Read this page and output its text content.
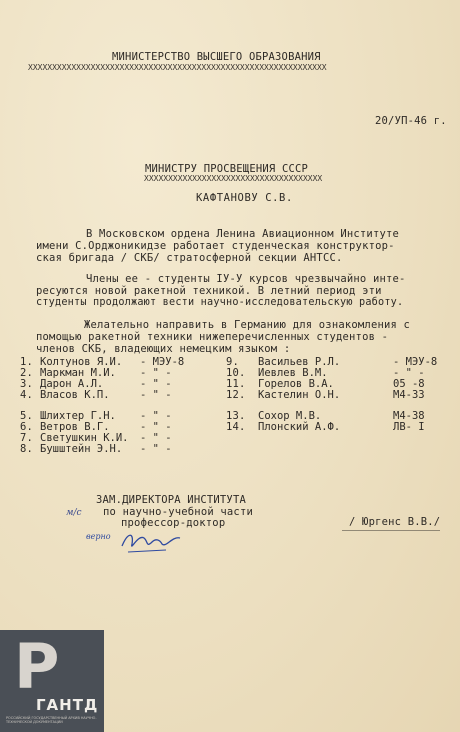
МИНИСТЕРСТВО ВЫСШЕГО ОБРАЗОВАНИЯ
ХХХХХХХХХХХХХХХХХХХХХХХХХХХХХХХХХХХХХХХХХХХХХХХХХХХХХХХХХХХХХХ
20/УП-46 г.
МИНИСТРУ ПРОСВЕЩЕНИЯ СССР
ХХХХХХХХХХХХХХХХХХХХХХХХХХХХХХХХХХХХХ
КАФТАНОВУ С.В.
В Московском ордена Ленина Авиационном Институте
имени С.Орджоникидзе работает студенческая конструктор-
ская бригада / СКБ/ стратосферной секции АНТСС.
Члены ее - студенты IУ-У курсов чрезвычайно инте-
ресуются новой ракетной техникой. В летний период эти
студенты продолжают вести научно-исследовательскую работу.
Желательно направить в Германию для ознакомления с
помощью ракетной техники нижеперечисленных студентов -
членов СКБ, владеющих немецким языком :
1. Колтунов Я.И. - МЭУ-8
2. Маркман М.И. - " -
3. Дарон А.Л.	- " -
4. Власов К.П.	- " -
5. Шлихтер Г.Н. - " -
6. Ветров В.Г.	- " -
7. Светушкин К.И. - " -
8. Бушштейн Э.Н. - " -
9. Васильев Р.Л.	- МЭУ-8
10. Иевлев В.М.	- " -
11. Горелов В.А.	05 -8
12. Кастелин О.Н.	М4-33
13. Сохор М.В.	М4-38
14. Плонский А.Ф.	ЛВ- I
ЗАМ.ДИРЕКТОРА ИНСТИТУТА
по научно-учебной части
профессор-доктор	/ Юргенс В.В./
м/с
верно
Р
ГАНТД
РОССИЙСКИЙ ГОСУДАРСТВЕННЫЙ АРХИВ НАУЧНО-ТЕХНИЧЕСКОЙ ДОКУМЕНТАЦИИ
